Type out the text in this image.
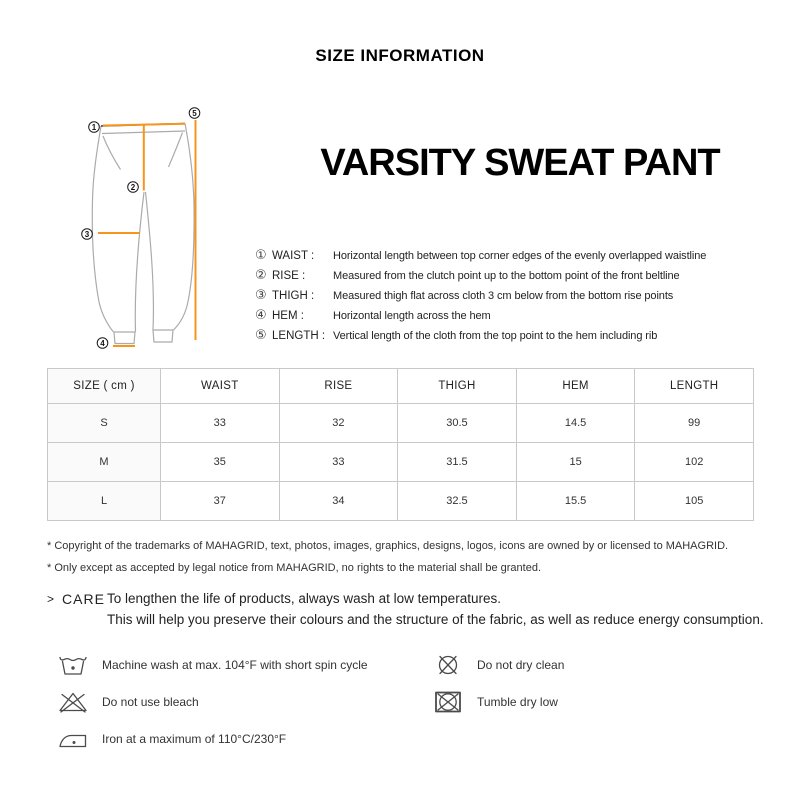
SIZE INFORMATION
1
2
3
4
5
VARSITY SWEAT PANT
① WAIST :	Horizontal length between top corner edges of the evenly overlapped waistline
② RISE :	Measured from the clutch point up to the bottom point of the front beltline
③ THIGH :	Measured thigh flat across cloth 3 cm below from the bottom rise points
④ HEM :	Horizontal length across the hem
⑤ LENGTH : Vertical length of the cloth from the top point to the hem including rib
SIZE ( cm )	WAIST	RISE	THIGH	HEM	LENGTH
S	33	32	30.5	14.5	99
M	35	33	31.5	15	102
L	37	34	32.5	15.5	105
* Copyright of the trademarks of MAHAGRID, text, photos, images, graphics, designs, logos, icons are owned by or licensed to MAHAGRID.
* Only except as accepted by legal notice from MAHAGRID, no rights to the material shall be granted.
> CARE To lengthen the life of products, always wash at low temperatures.
This will help you preserve their colours and the structure of the fabric, as well as reduce energy consumption.
Machine wash at max. 104°F with short spin cycle
Do not use bleach
Iron at a maximum of 110°C/230°F
Do not dry clean
Tumble dry low
